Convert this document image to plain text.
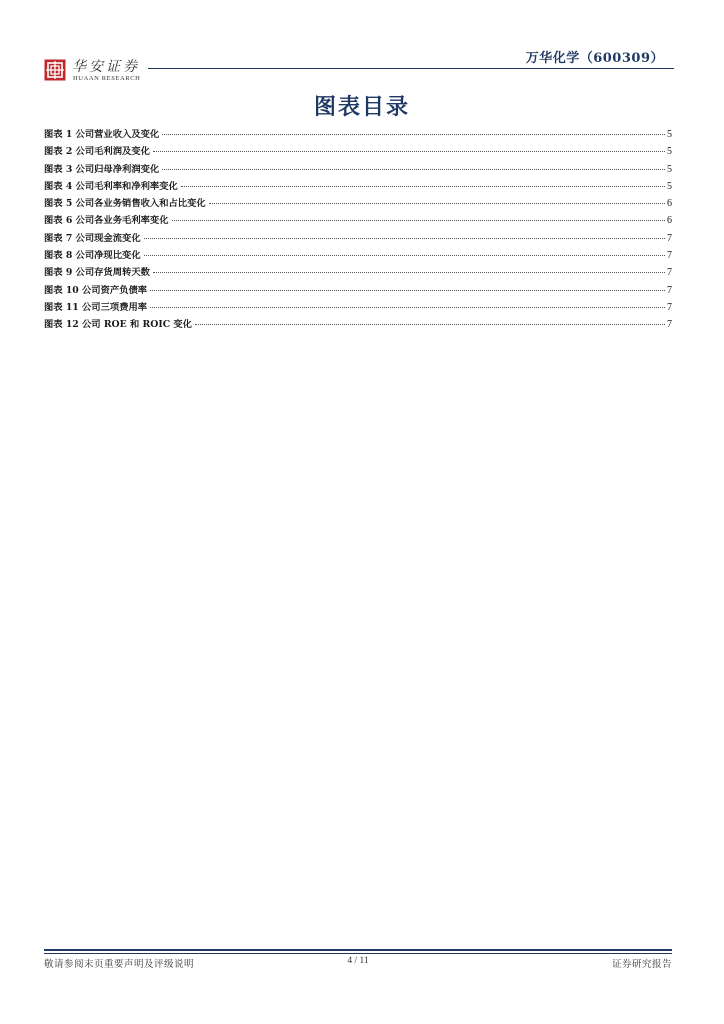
华安证券
HUAAN RESEARCH
万华化学（600309）
图表目录
图表 1 公司营业收入及变化	5
图表 2 公司毛利润及变化	5
图表 3 公司归母净利润变化	5
图表 4 公司毛利率和净利率变化	5
图表 5 公司各业务销售收入和占比变化	6
图表 6 公司各业务毛利率变化	6
图表 7 公司现金流变化	7
图表 8 公司净现比变化	7
图表 9 公司存货周转天数	7
图表 10 公司资产负债率	7
图表 11 公司三项费用率	7
图表 12 公司 ROE 和 ROIC 变化	7
敬请参阅末页重要声明及评级说明	4 / 11	证券研究报告
